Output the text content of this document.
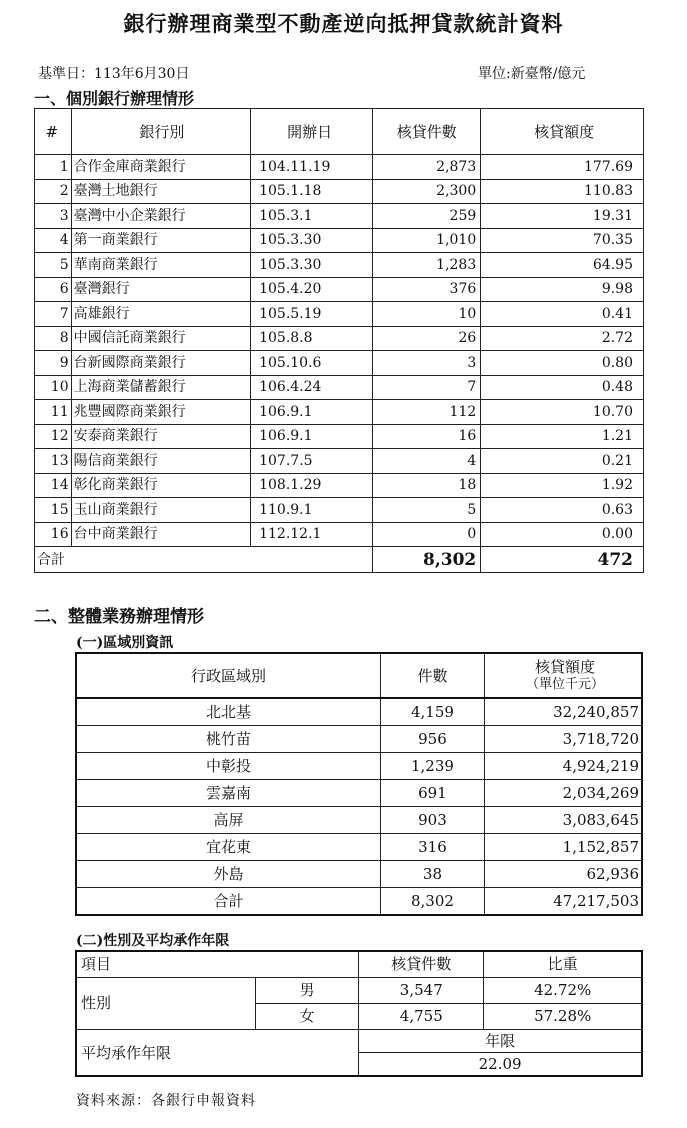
銀行辦理商業型不動產逆向抵押貸款統計資料
基準日：113年6月30日	單位:新臺幣/億元
一、個別銀行辦理情形
#	銀行別	開辦日	核貸件數	核貸額度
1	合作金庫商業銀行	104.11.19	2,873	177.69
2	臺灣土地銀行	105.1.18	2,300	110.83
3	臺灣中小企業銀行	105.3.1	259	19.31
4	第一商業銀行	105.3.30	1,010	70.35
5	華南商業銀行	105.3.30	1,283	64.95
6	臺灣銀行	105.4.20	376	9.98
7	高雄銀行	105.5.19	10	0.41
8	中國信託商業銀行	105.8.8	26	2.72
9	台新國際商業銀行	105.10.6	3	0.80
10	上海商業儲蓄銀行	106.4.24	7	0.48
11	兆豐國際商業銀行	106.9.1	112	10.70
12	安泰商業銀行	106.9.1	16	1.21
13	陽信商業銀行	107.7.5	4	0.21
14	彰化商業銀行	108.1.29	18	1.92
15	玉山商業銀行	110.9.1	5	0.63
16	台中商業銀行	112.12.1	0	0.00
合計			8,302	472
二、整體業務辦理情形
(一)區域別資訊
行政區域別	件數	核貸額度
（單位千元）

北北基	4,159	32,240,857
桃竹苗	956	3,718,720
中彰投	1,239	4,924,219
雲嘉南	691	2,034,269
高屏	903	3,083,645
宜花東	316	1,152,857
外島	38	62,936
合計	8,302	47,217,503
(二)性別及平均承作年限
項目		核貸件數	比重
性別	男	3,547	42.72%
	女	4,755	57.28%
平均承作年限		年限	
		22.09	
資料來源：各銀行申報資料
